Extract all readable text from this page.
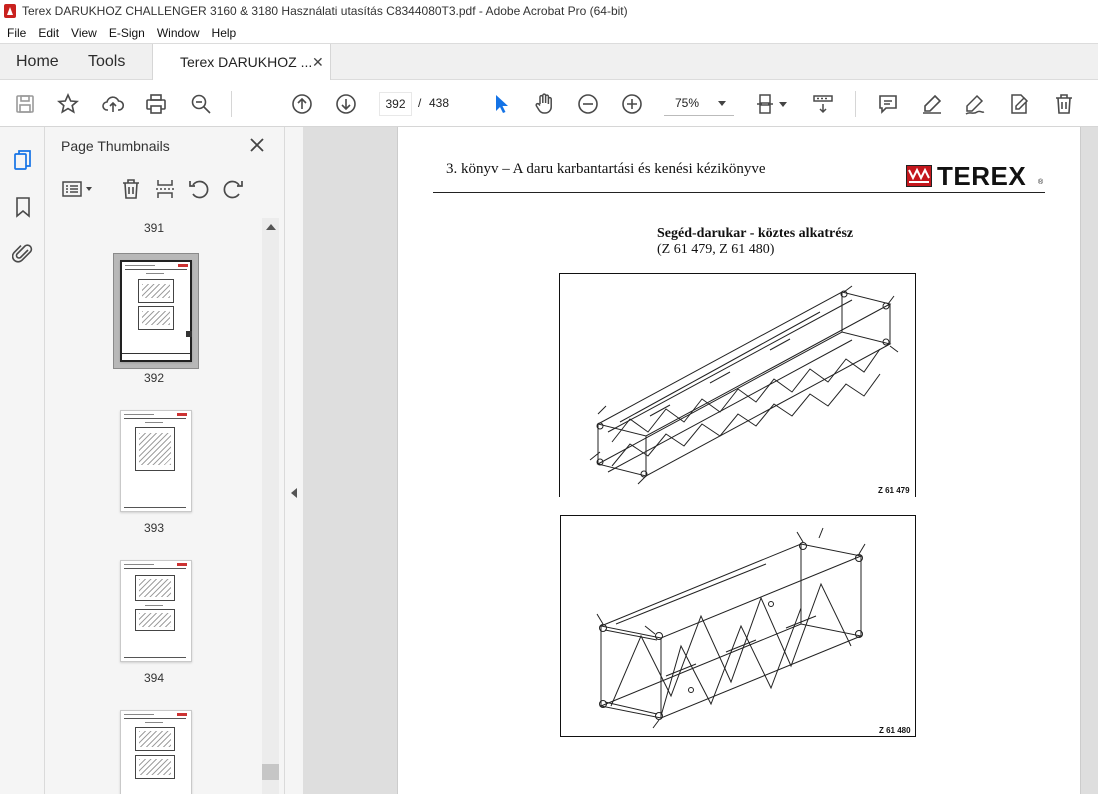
Terex DARUKHOZ CHALLENGER 3160 & 3180 Használati utasítás C8344080T3.pdf - Adobe Acrobat Pro (64-bit)
File	Edit	View	E-Sign	Window	Help
Home Tools	Terex DARUKHOZ ... ✕
392	/ 438	75%
Page Thumbnails
391
392
393
394
3. könyv – A daru karbantartási és kenési kézikönyve	TEREX ®
Segéd-darukar - köztes alkatrész
(Z 61 479, Z 61 480)
Z 61 479
Z 61 480
